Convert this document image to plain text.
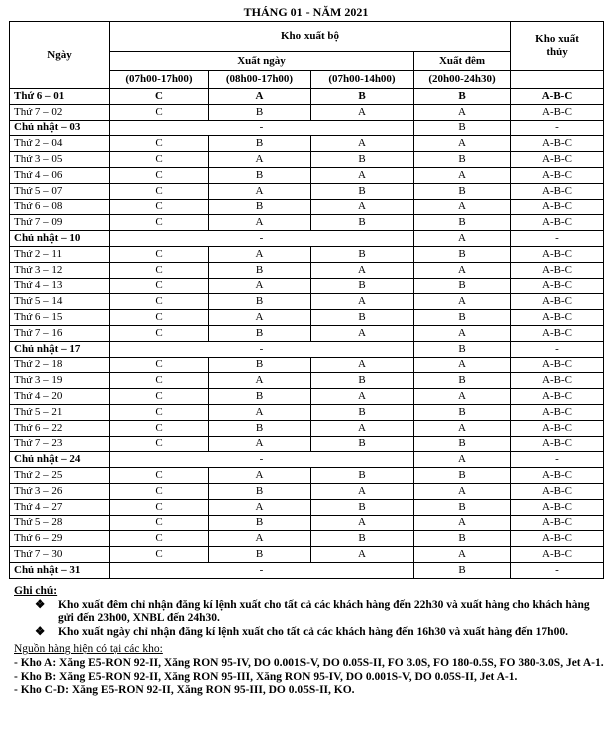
THÁNG 01 - NĂM 2021
Ngày	Kho xuất bộ				Kho xuất thủy
	Xuất ngày			Xuất đêm	
	(07h00-17h00)	(08h00-17h00)	(07h00-14h00)	(20h00-24h30)	
Thứ 6 – 01	C	A	B	B	A-B-C
Thứ 7 – 02	C	B	A	A	A-B-C
Chủ nhật – 03	-			B	-
Thứ 2 – 04	C	B	A	A	A-B-C
Thứ 3 – 05	C	A	B	B	A-B-C
Thứ 4 – 06	C	B	A	A	A-B-C
Thứ 5 – 07	C	A	B	B	A-B-C
Thứ 6 – 08	C	B	A	A	A-B-C
Thứ 7 – 09	C	A	B	B	A-B-C
Chủ nhật – 10	-			A	-
Thứ 2 – 11	C	A	B	B	A-B-C
Thứ 3 – 12	C	B	A	A	A-B-C
Thứ 4 – 13	C	A	B	B	A-B-C
Thứ 5 – 14	C	B	A	A	A-B-C
Thứ 6 – 15	C	A	B	B	A-B-C
Thứ 7 – 16	C	B	A	A	A-B-C
Chủ nhật – 17	-			B	-
Thứ 2 – 18	C	B	A	A	A-B-C
Thứ 3 – 19	C	A	B	B	A-B-C
Thứ 4 – 20	C	B	A	A	A-B-C
Thứ 5 – 21	C	A	B	B	A-B-C
Thứ 6 – 22	C	B	A	A	A-B-C
Thứ 7 – 23	C	A	B	B	A-B-C
Chủ nhật – 24	-			A	-
Thứ 2 – 25	C	A	B	B	A-B-C
Thứ 3 – 26	C	B	A	A	A-B-C
Thứ 4 – 27	C	A	B	B	A-B-C
Thứ 5 – 28	C	B	A	A	A-B-C
Thứ 6 – 29	C	A	B	B	A-B-C
Thứ 7 – 30	C	B	A	A	A-B-C
Chủ nhật – 31	-			B	-
Ghi chú:
❖ Kho xuất đêm chỉ nhận đăng kí lệnh xuất cho tất cả các khách hàng đến 22h30 và xuất hàng cho khách hàng gửi đến 23h00, XNBL đến 24h30.
❖ Kho xuất ngày chỉ nhận đăng kí lệnh xuất cho tất cả các khách hàng đến 16h30 và xuất hàng đến 17h00.
Nguồn hàng hiện có tại các kho:
- Kho A: Xăng E5-RON 92-II, Xăng RON 95-IV, DO 0.001S-V, DO 0.05S-II, FO 3.0S, FO 180-0.5S, FO 380-3.0S, Jet A-1.
- Kho B: Xăng E5-RON 92-II, Xăng RON 95-III, Xăng RON 95-IV, DO 0.001S-V, DO 0.05S-II, Jet A-1.
- Kho C-D: Xăng E5-RON 92-II, Xăng RON 95-III, DO 0.05S-II, KO.
